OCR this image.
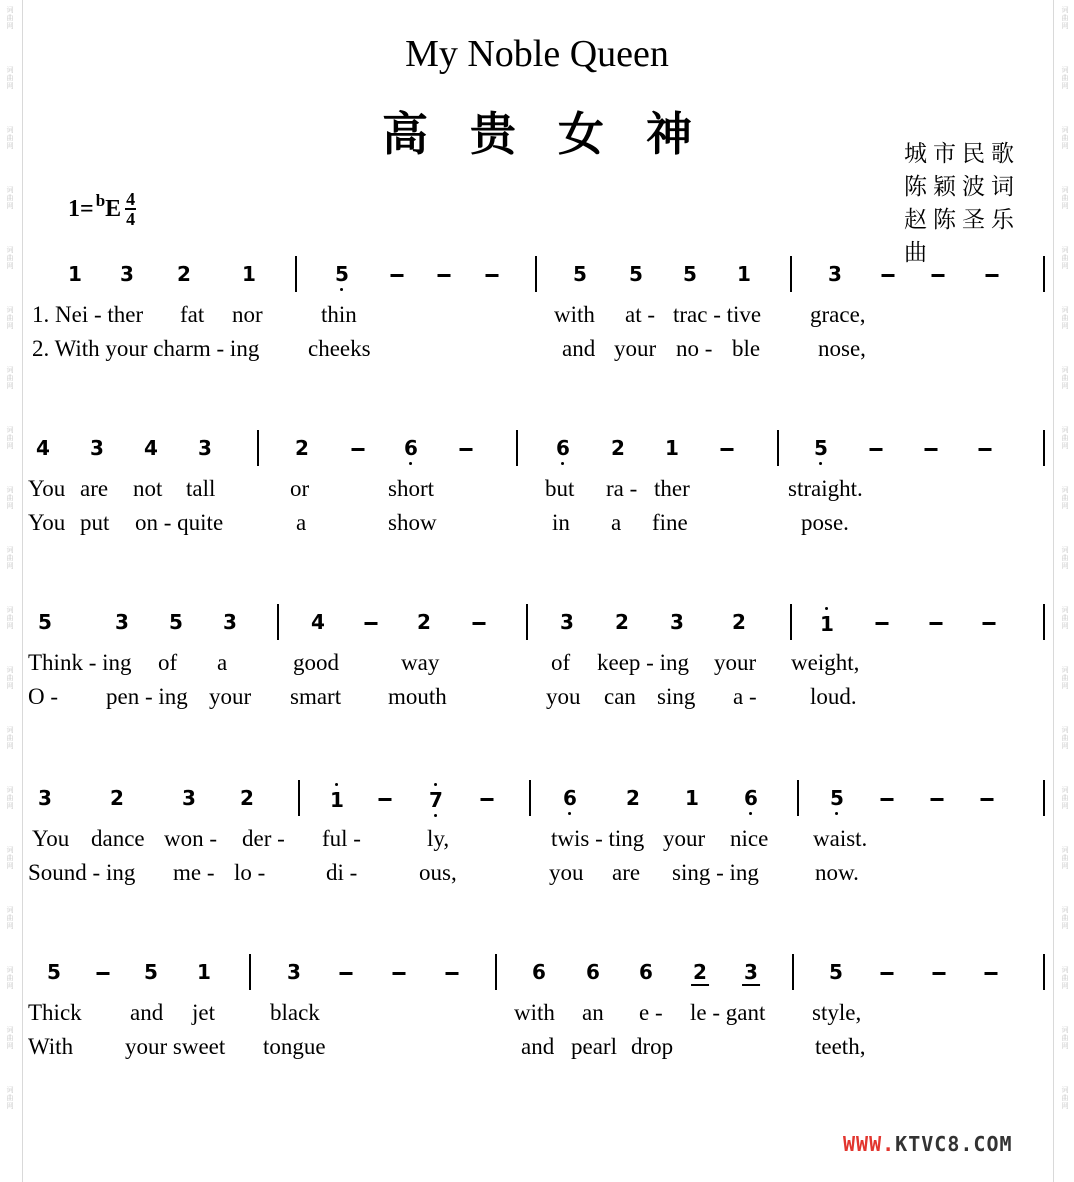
词
曲
网
词
曲
网
词
曲
网
词
曲
网
词
曲
网
词
曲
网
词
曲
网
词
曲
网
词
曲
网
词
曲
网
词
曲
网
词
曲
网
词
曲
网
词
曲
网
词
曲
网
词
曲
网
词
曲
网
词
曲
网
词
曲
网
词
曲
网
词
曲
网
词
曲
网
词
曲
网
词
曲
网
词
曲
网
词
曲
网
词
曲
网
词
曲
网
词
曲
网
词
曲
网
词
曲
网
词
曲
网
词
曲
网
词
曲
网
词
曲
网
词
曲
网
词
曲
网
词
曲
网
My Noble Queen
高贵女神	城市民歌
陈颖波词
赵陈圣乐 曲
1= b E $\frac{4}{4}$
1 3 2	1	5	5 5 5 1	3
1. Nei - ther fat nor	thin	with at - trac - tive grace,
2. With your charm - ing cheeks	and your no - ble	nose,
4 3 4 3	2	6	6 2 1	5
You are not tall	or	short	but ra - ther	straight.
You put on - quite	a	show	in a fine	pose.
5	3 5 3	4	2	3 2 3 2	1
Think - ing of a	good	way	of keep - ing your weight,
O - pen - ing your smart mouth	you can sing a - loud.
3	2	3 2	1	7	6 2 1 6	5
You dance won - der - ful -	ly,	twis - ting your nice waist.
Sound - ing me - lo -	di -	ous,	you are sing - ing now.
5	5 1	3	6 6 6 2 3	5
Thick and jet black	with an e - le - gant style,
With your sweet tongue	and pearl drop	teeth,
WWW.KTVC8.COM
